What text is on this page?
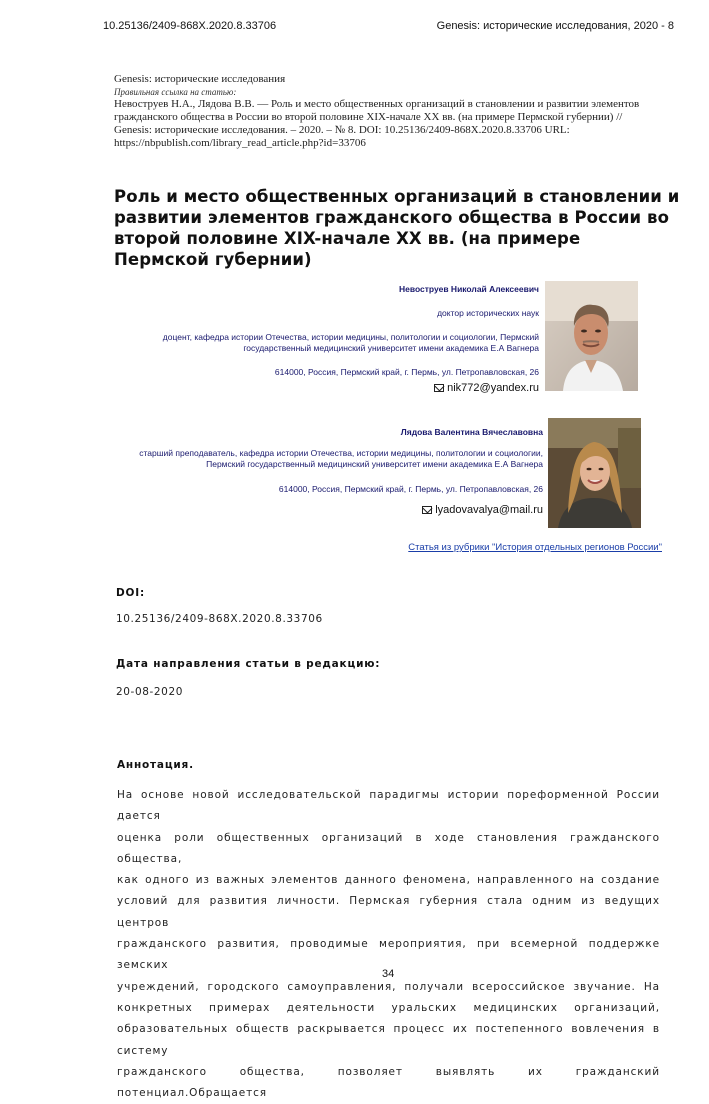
10.25136/2409-868X.2020.8.33706	Genesis: исторические исследования, 2020 - 8
Genesis: исторические исследования
Правильная ссылка на статью:
Невоструев Н.А., Лядова В.В. — Роль и место общественных организаций в становлении и развитии элементов
гражданского общества в России во второй половине XIX-начале XX вв. (на примере Пермской губернии) //
Genesis: исторические исследования. – 2020. – № 8. DOI: 10.25136/2409-868X.2020.8.33706 URL:
https://nbpublish.com/library_read_article.php?id=33706
Роль и место общественных организаций в становлении и
развитии элементов гражданского общества в России во
второй половине XIX-начале XX вв. (на примере
Пермской губернии)
Невоструев Николай Алексеевич
доктор исторических наук
доцент, кафедра истории Отечества, истории медицины, политологии и социологии, Пермский
государственный медицинский университет имени академика Е.А Вагнера
614000, Россия, Пермский край, г. Пермь, ул. Петропавловская, 26
nik772@yandex.ru
Лядова Валентина Вячеславовна
старший преподаватель, кафедра истории Отечества, истории медицины, политологии и социологии,
Пермский государственный медицинский университет имени академика Е.А Вагнера
614000, Россия, Пермский край, г. Пермь, ул. Петропавловская, 26
lyadovavalya@mail.ru
Статья из рубрики "История отдельных регионов России"
DOI:
10.25136/2409-868X.2020.8.33706
Дата направления статьи в редакцию:
20-08-2020
Аннотация.
На основе новой исследовательской парадигмы истории пореформенной России дается
оценка роли общественных организаций в ходе становления гражданского общества,
как одного из важных элементов данного феномена, направленного на создание
условий для развития личности. Пермская губерния стала одним из ведущих центров
гражданского развития, проводимые мероприятия, при всемерной поддержке земских
учреждений, городского самоуправления, получали всероссийское звучание. На
конкретных примерах деятельности уральских медицинских организаций,
образовательных обществ раскрывается процесс их постепенного вовлечения в систему
гражданского общества, позволяет выявлять их гражданский потенциал.Обращается
34
